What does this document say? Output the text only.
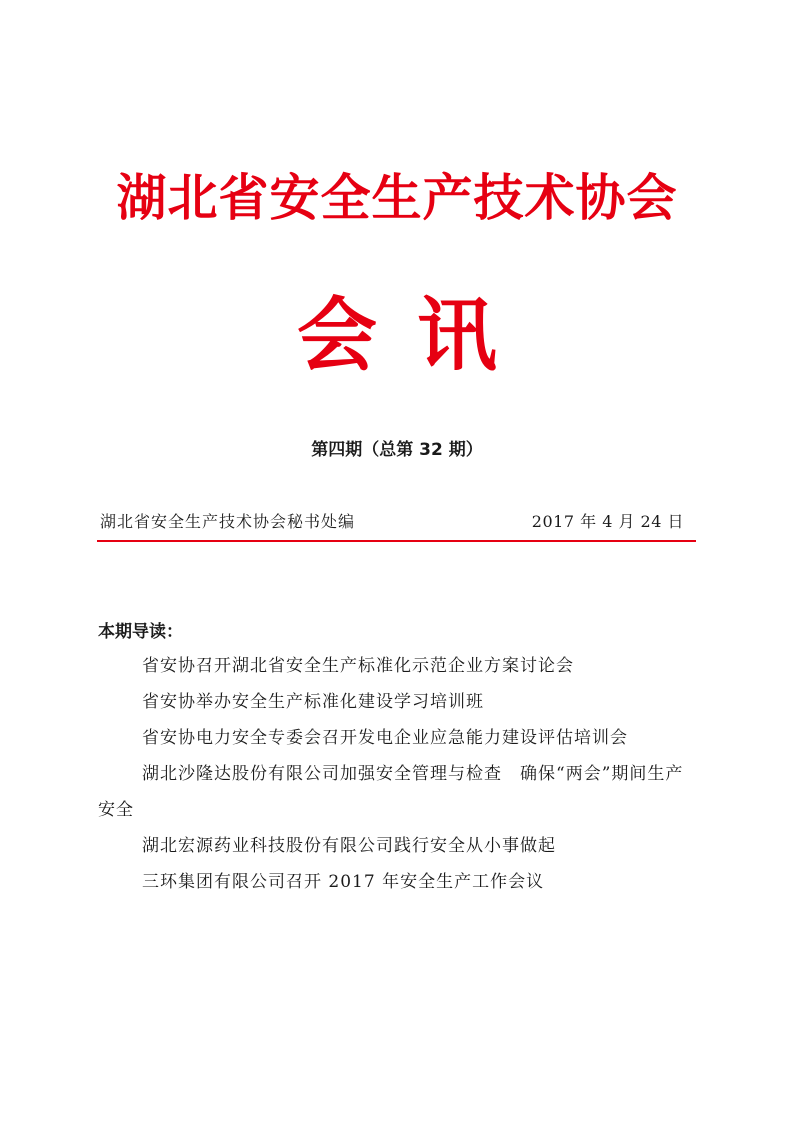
湖北省安全生产技术协会
会讯
第四期（总第 32 期）
湖北省安全生产技术协会秘书处编	2017 年 4 月 24 日
本期导读：
省安协召开湖北省安全生产标准化示范企业方案讨论会
省安协举办安全生产标准化建设学习培训班
省安协电力安全专委会召开发电企业应急能力建设评估培训会
湖北沙隆达股份有限公司加强安全管理与检查　确保“两会”期间生产安全
湖北宏源药业科技股份有限公司践行安全从小事做起
三环集团有限公司召开 2017 年安全生产工作会议
